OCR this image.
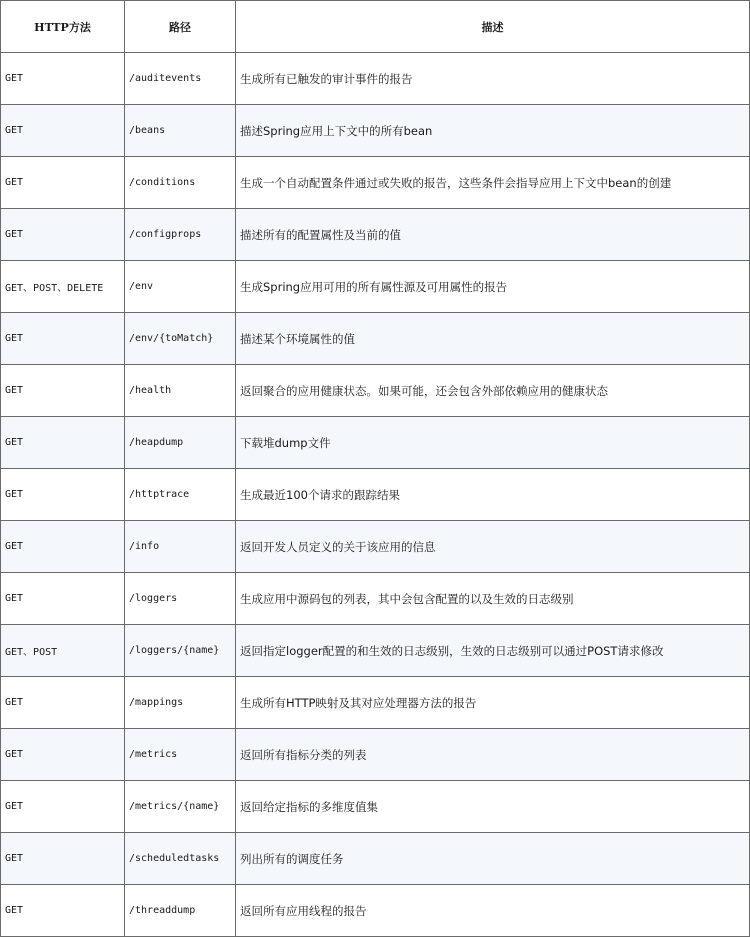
HTTP方法	路径	描述
GET	/auditevents	生成所有已触发的审计事件的报告
GET	/beans	描述Spring应用上下文中的所有bean
GET	/conditions	生成一个自动配置条件通过或失败的报告，这些条件会指导应用上下文中bean的创建
GET	/configprops	描述所有的配置属性及当前的值
GET、POST、DELETE	/env	生成Spring应用可用的所有属性源及可用属性的报告
GET	/env/{toMatch}	描述某个环境属性的值
GET	/health	返回聚合的应用健康状态。如果可能，还会包含外部依赖应用的健康状态
GET	/heapdump	下载堆dump文件
GET	/httptrace	生成最近100个请求的跟踪结果
GET	/info	返回开发人员定义的关于该应用的信息
GET	/loggers	生成应用中源码包的列表，其中会包含配置的以及生效的日志级别
GET、POST	/loggers/{name}	返回指定logger配置的和生效的日志级别，生效的日志级别可以通过POST请求修改
GET	/mappings	生成所有HTTP映射及其对应处理器方法的报告
GET	/metrics	返回所有指标分类的列表
GET	/metrics/{name}	返回给定指标的多维度值集
GET	/scheduledtasks	列出所有的调度任务
GET	/threaddump	返回所有应用线程的报告
